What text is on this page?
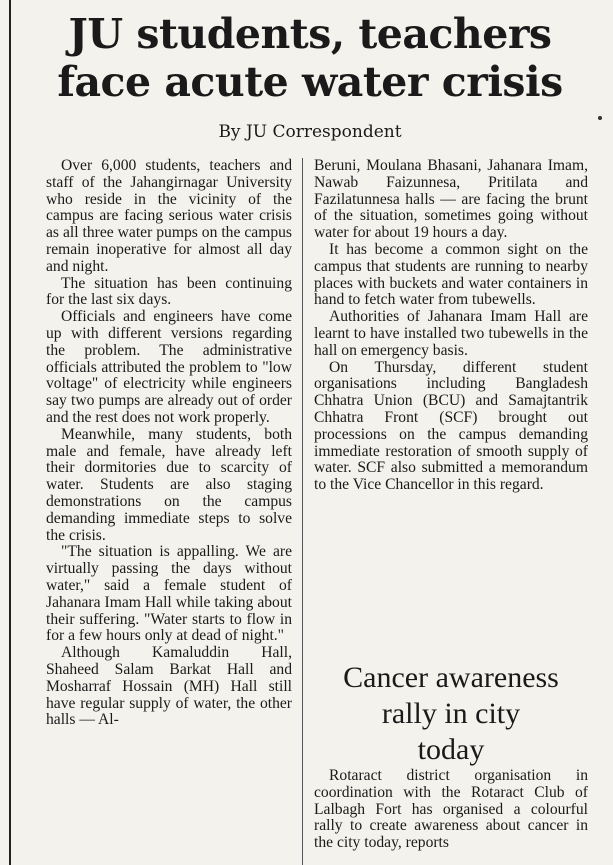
JU students, teachers
face acute water crisis
By JU Correspondent

Over 6,000 students, teachers and staff of the Jahangirnagar University who reside in the vicinity of the campus are facing serious water crisis as all three water pumps on the campus remain inoperative for almost all day and night.

The situation has been continuing for the last six days.

Officials and engineers have come up with different versions regarding the problem. The administrative officials attributed the problem to "low voltage" of electricity while engineers say two pumps are already out of order and the rest does not work properly.

Meanwhile, many students, both male and female, have already left their dormitories due to scarcity of water. Students are also staging demonstrations on the campus demanding immediate steps to solve the crisis.

"The situation is appalling. We are virtually passing the days without water," said a female student of Jahanara Imam Hall while taking about their suffering. "Water starts to flow in for a few hours only at dead of night."

Although Kamaluddin Hall, Shaheed Salam Barkat Hall and Mosharraf Hossain (MH) Hall still have regular supply of water, the other halls — Al-

Beruni, Moulana Bhasani, Jahanara Imam, Nawab Faizunnesa, Pritilata and Fazilatunnesa halls — are facing the brunt of the situation, sometimes going without water for about 19 hours a day.

It has become a common sight on the campus that students are running to nearby places with buckets and water containers in hand to fetch water from tubewells.

Authorities of Jahanara Imam Hall are learnt to have installed two tubewells in the hall on emergency basis.

On Thursday, different student organisations including Bangladesh Chhatra Union (BCU) and Samajtantrik Chhatra Front (SCF) brought out processions on the campus demanding immediate restoration of smooth supply of water. SCF also submitted a memorandum to the Vice Chancellor in this regard.

Cancer awareness
rally in city
today

Rotaract district organisation in coordination with the Rotaract Club of Lalbagh Fort has organised a colourful rally to create awareness about cancer in the city today, reports
